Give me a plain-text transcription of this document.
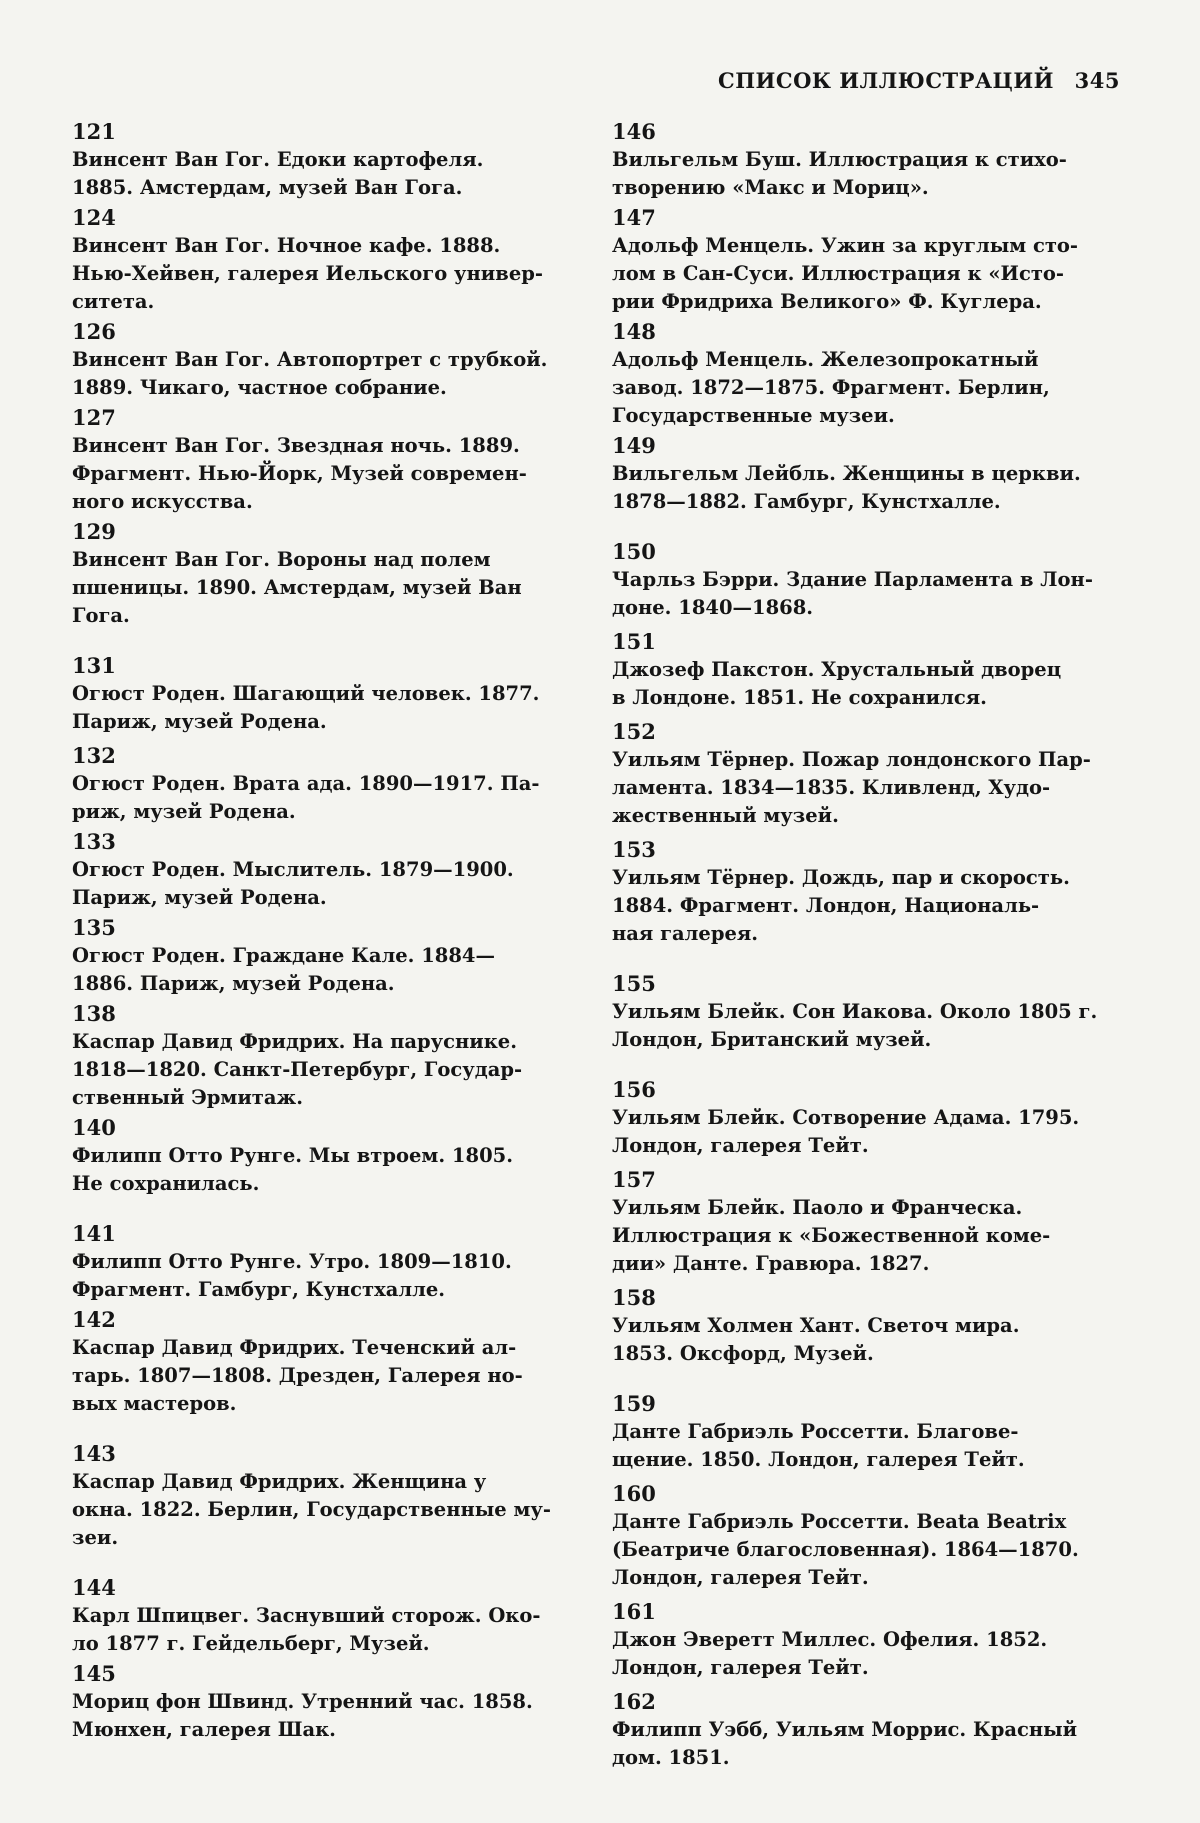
СПИСОК ИЛЛЮСТРАЦИЙ 345
121
Винсент Ван Гог. Едоки картофеля.
1885. Амстердам, музей Ван Гога.
124
Винсент Ван Гог. Ночное кафе. 1888.
Нью-Хейвен, галерея Иельского универ-
ситета.
126
Винсент Ван Гог. Автопортрет с трубкой.
1889. Чикаго, частное собрание.
127
Винсент Ван Гог. Звездная ночь. 1889.
Фрагмент. Нью-Йорк, Музей современ-
ного искусства.
129
Винсент Ван Гог. Вороны над полем
пшеницы. 1890. Амстердам, музей Ван
Гога.
131
Огюст Роден. Шагающий человек. 1877.
Париж, музей Родена.
132
Огюст Роден. Врата ада. 1890—1917. Па-
риж, музей Родена.
133
Огюст Роден. Мыслитель. 1879—1900.
Париж, музей Родена.
135
Огюст Роден. Граждане Кале. 1884—
1886. Париж, музей Родена.
138
Каспар Давид Фридрих. На паруснике.
1818—1820. Санкт-Петербург, Государ-
ственный Эрмитаж.
140
Филипп Отто Рунге. Мы втроем. 1805.
Не сохранилась.
141
Филипп Отто Рунге. Утро. 1809—1810.
Фрагмент. Гамбург, Кунстхалле.
142
Каспар Давид Фридрих. Теченский ал-
тарь. 1807—1808. Дрезден, Галерея но-
вых мастеров.
143
Каспар Давид Фридрих. Женщина у
окна. 1822. Берлин, Государственные му-
зеи.
144
Карл Шпицвег. Заснувший сторож. Око-
ло 1877 г. Гейдельберг, Музей.
145
Мориц фон Швинд. Утренний час. 1858.
Мюнхен, галерея Шак.
146
Вильгельм Буш. Иллюстрация к стихо-
творению «Макс и Мориц».
147
Адольф Менцель. Ужин за круглым сто-
лом в Сан-Суси. Иллюстрация к «Исто-
рии Фридриха Великого» Ф. Куглера.
148
Адольф Менцель. Железопрокатный
завод. 1872—1875. Фрагмент. Берлин,
Государственные музеи.
149
Вильгельм Лейбль. Женщины в церкви.
1878—1882. Гамбург, Кунстхалле.
150
Чарльз Бэрри. Здание Парламента в Лон-
доне. 1840—1868.
151
Джозеф Пакстон. Хрустальный дворец
в Лондоне. 1851. Не сохранился.
152
Уильям Тёрнер. Пожар лондонского Пар-
ламента. 1834—1835. Кливленд, Худо-
жественный музей.
153
Уильям Тёрнер. Дождь, пар и скорость.
1884. Фрагмент. Лондон, Националь-
ная галерея.
155
Уильям Блейк. Сон Иакова. Около 1805 г.
Лондон, Британский музей.
156
Уильям Блейк. Сотворение Адама. 1795.
Лондон, галерея Тейт.
157
Уильям Блейк. Паоло и Франческа.
Иллюстрация к «Божественной коме-
дии» Данте. Гравюра. 1827.
158
Уильям Холмен Хант. Светоч мира.
1853. Оксфорд, Музей.
159
Данте Габриэль Россетти. Благове-
щение. 1850. Лондон, галерея Тейт.
160
Данте Габриэль Россетти. Beata Beatrix
(Беатриче благословенная). 1864—1870.
Лондон, галерея Тейт.
161
Джон Эверетт Миллес. Офелия. 1852.
Лондон, галерея Тейт.
162
Филипп Уэбб, Уильям Моррис. Красный
дом. 1851.
